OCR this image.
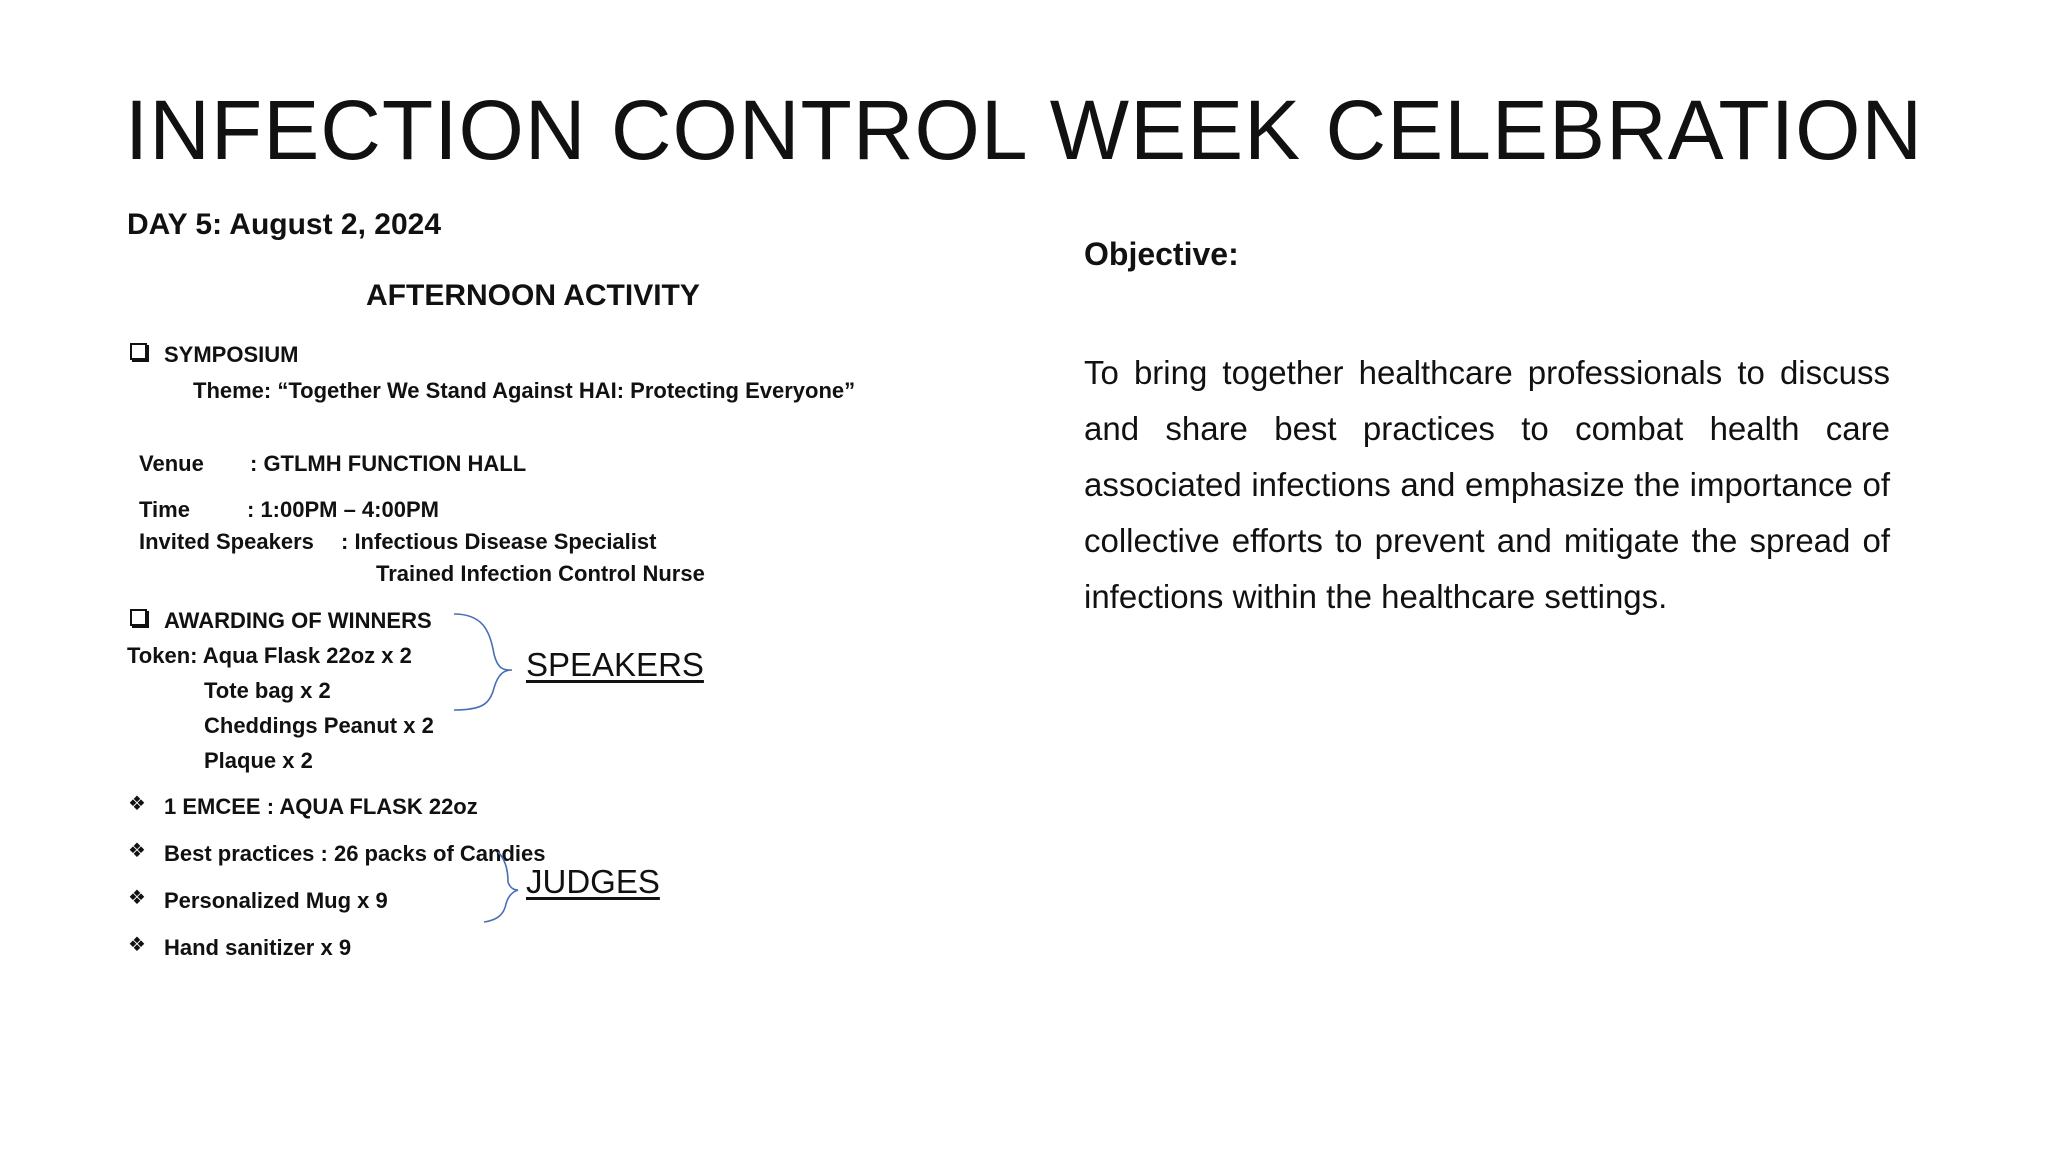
INFECTION CONTROL WEEK CELEBRATION
DAY 5: August 2, 2024
AFTERNOON ACTIVITY
SYMPOSIUM
Theme: “Together We Stand Against HAI: Protecting Everyone”
Venue : GTLMH FUNCTION HALL
Time	: 1:00PM – 4:00PM
Invited Speakers : Infectious Disease Specialist
Trained Infection Control Nurse
AWARDING OF WINNERS
Token: Aqua Flask 22oz x 2
Tote bag x 2
Cheddings Peanut x 2
Plaque x 2
❖ 1 EMCEE : AQUA FLASK 22oz
❖ Best practices : 26 packs of Candies
❖ Personalized Mug x 9
❖ Hand sanitizer x 9
SPEAKERS
JUDGES
Objective:
To bring together healthcare professionals to discuss and share best practices to combat health care associated infections and emphasize the importance of collective efforts to prevent and mitigate the spread of infections within the healthcare settings.
